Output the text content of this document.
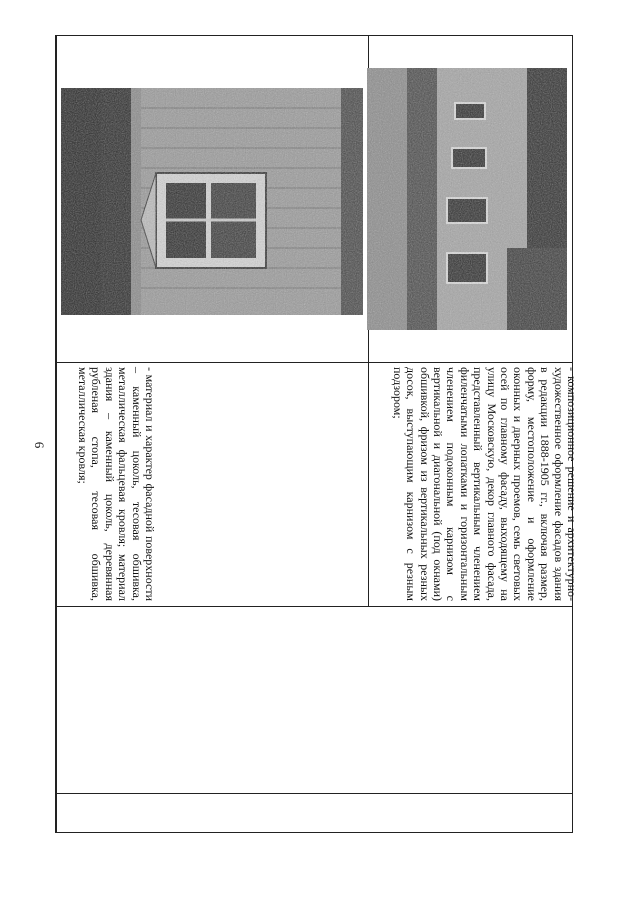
6	- материал и характер фасадной поверхности – каменный цоколь, тесовая обшивка, металлическая фальцевая кровля; материал здания – каменный цоколь, деревянная рубленая стопа, тесовая обшивка, металлическая кровля;	- композиционное решение и архитектурно-художественное оформление фасадов здания в редакции 1888-1905 гг., включая размер, форму, местоположение и оформление оконных и дверных проемов, семь световых осей по главному фасаду, выходящему на улицу Московскую, декор главного фасада, представленный вертикальным членением филенчатыми лопатками и горизонтальным членением подоконным карнизом с вертикальной и диагональной (под окнами) обшивкой, фризом из вертикальных резных досок, выступающим карнизом с резным подзором;
